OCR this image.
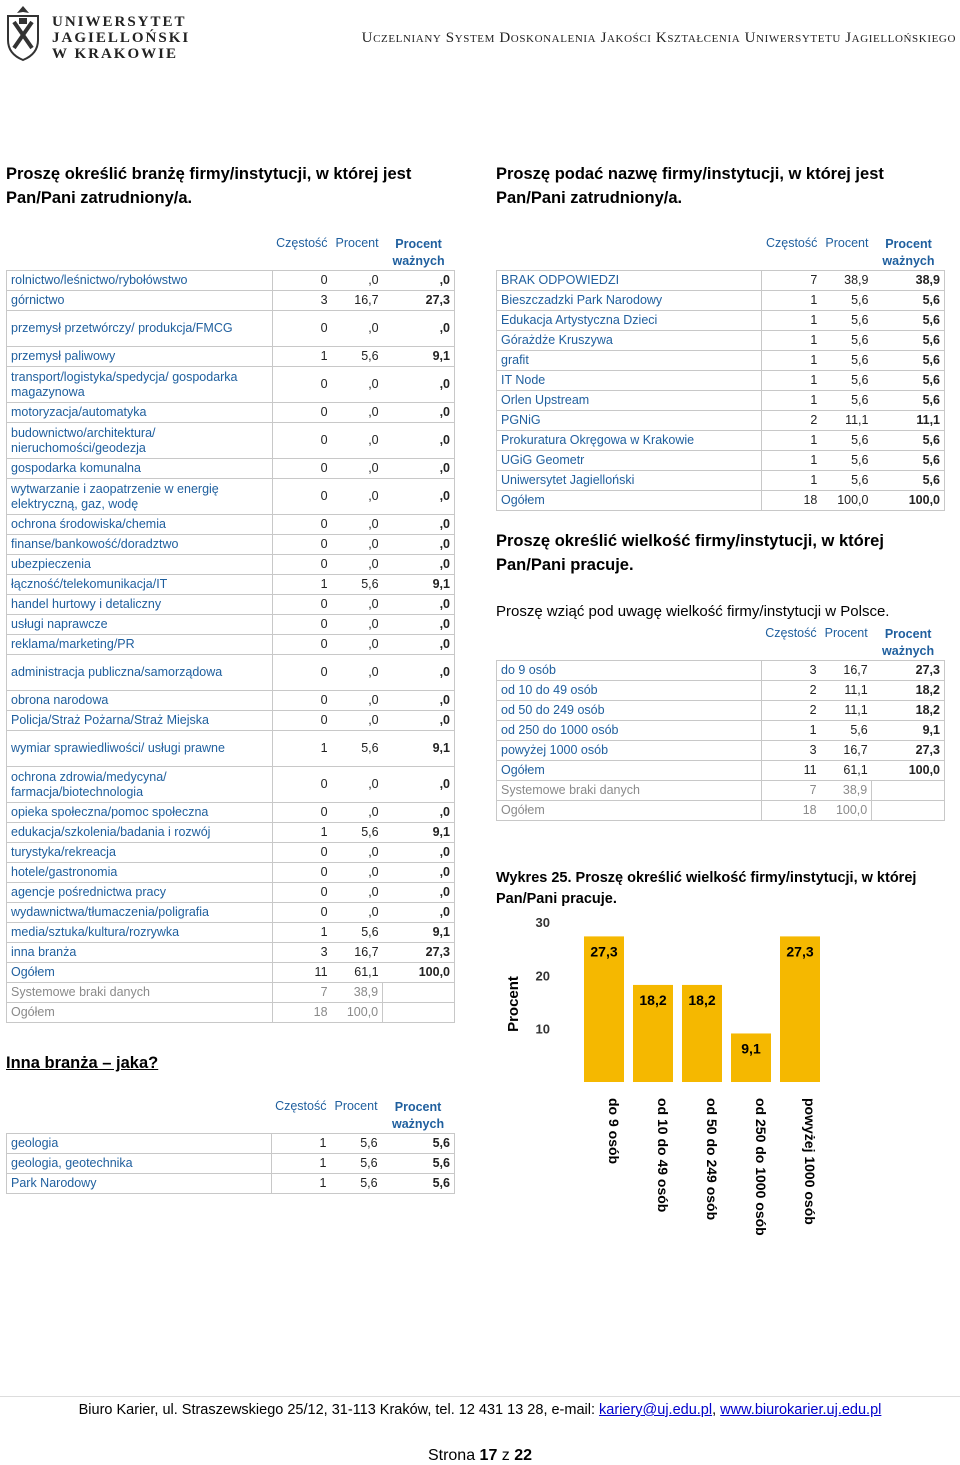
UNIWERSYTET
JAGIELLOŃSKI
W KRAKOWIE
Uczelniany System Doskonalenia Jakości Kształcenia Uniwersytetu Jagiellońskiego
Proszę określić branżę firmy/instytucji, w której jest Pan/Pani zatrudniony/a.
	Częstość	Procent	Procent ważnych
rolnictwo/leśnictwo/rybołówstwo	0	,0	,0
górnictwo	3	16,7	27,3
przemysł przetwórczy/ produkcja/FMCG	0	,0	,0
przemysł paliwowy	1	5,6	9,1
transport/logistyka/spedycja/ gospodarka magazynowa	0	,0	,0
motoryzacja/automatyka	0	,0	,0
budownictwo/architektura/ nieruchomości/geodezja	0	,0	,0
gospodarka komunalna	0	,0	,0
wytwarzanie i zaopatrzenie w energię elektryczną, gaz, wodę	0	,0	,0
ochrona środowiska/chemia	0	,0	,0
finanse/bankowość/doradztwo	0	,0	,0
ubezpieczenia	0	,0	,0
łączność/telekomunikacja/IT	1	5,6	9,1
handel hurtowy i detaliczny	0	,0	,0
usługi naprawcze	0	,0	,0
reklama/marketing/PR	0	,0	,0
administracja publiczna/samorządowa	0	,0	,0
obrona narodowa	0	,0	,0
Policja/Straż Pożarna/Straż Miejska	0	,0	,0
wymiar sprawiedliwości/ usługi prawne	1	5,6	9,1
ochrona zdrowia/medycyna/ farmacja/biotechnologia	0	,0	,0
opieka społeczna/pomoc społeczna	0	,0	,0
edukacja/szkolenia/badania i rozwój	1	5,6	9,1
turystyka/rekreacja	0	,0	,0
hotele/gastronomia	0	,0	,0
agencje pośrednictwa pracy	0	,0	,0
wydawnictwa/tłumaczenia/poligrafia	0	,0	,0
media/sztuka/kultura/rozrywka	1	5,6	9,1
inna branża	3	16,7	27,3
Ogółem	11	61,1	100,0
Systemowe braki danych	7	38,9	
Ogółem	18	100,0	
Inna branża – jaka?
	Częstość	Procent	Procent ważnych
geologia	1	5,6	5,6
geologia, geotechnika	1	5,6	5,6
Park Narodowy	1	5,6	5,6
Proszę podać nazwę firmy/instytucji, w której jest Pan/Pani zatrudniony/a.
	Częstość	Procent	Procent ważnych
BRAK ODPOWIEDZI	7	38,9	38,9
Bieszczadzki Park Narodowy	1	5,6	5,6
Edukacja Artystyczna Dzieci	1	5,6	5,6
Górażdże Kruszywa	1	5,6	5,6
grafit	1	5,6	5,6
IT Node	1	5,6	5,6
Orlen Upstream	1	5,6	5,6
PGNiG	2	11,1	11,1
Prokuratura Okręgowa w Krakowie	1	5,6	5,6
UGiG Geometr	1	5,6	5,6
Uniwersytet Jagielloński	1	5,6	5,6
Ogółem	18	100,0	100,0
Proszę określić wielkość firmy/instytucji, w której Pan/Pani pracuje.
Proszę wziąć pod uwagę wielkość firmy/instytucji w Polsce.
	Częstość	Procent	Procent ważnych
do 9 osób	3	16,7	27,3
od 10 do 49 osób	2	11,1	18,2
od 50 do 249 osób	2	11,1	18,2
od 250 do 1000 osób	1	5,6	9,1
powyżej 1000 osób	3	16,7	27,3
Ogółem	11	61,1	100,0
Systemowe braki danych	7	38,9	
Ogółem	18	100,0	
Wykres 25. Proszę określić wielkość firmy/instytucji, w której Pan/Pani pracuje.
Procent
30
20
10
27,3
do 9 osób
18,2
od 10 do 49 osób
18,2
od 50 do 249 osób
9,1
od 250 do 1000 osób
27,3
powyżej 1000 osób
Biuro Karier, ul. Straszewskiego 25/12, 31-113 Kraków, tel. 12 431 13 28, e-mail: kariery@uj.edu.pl, www.biurokarier.uj.edu.pl
Strona 17 z 22
